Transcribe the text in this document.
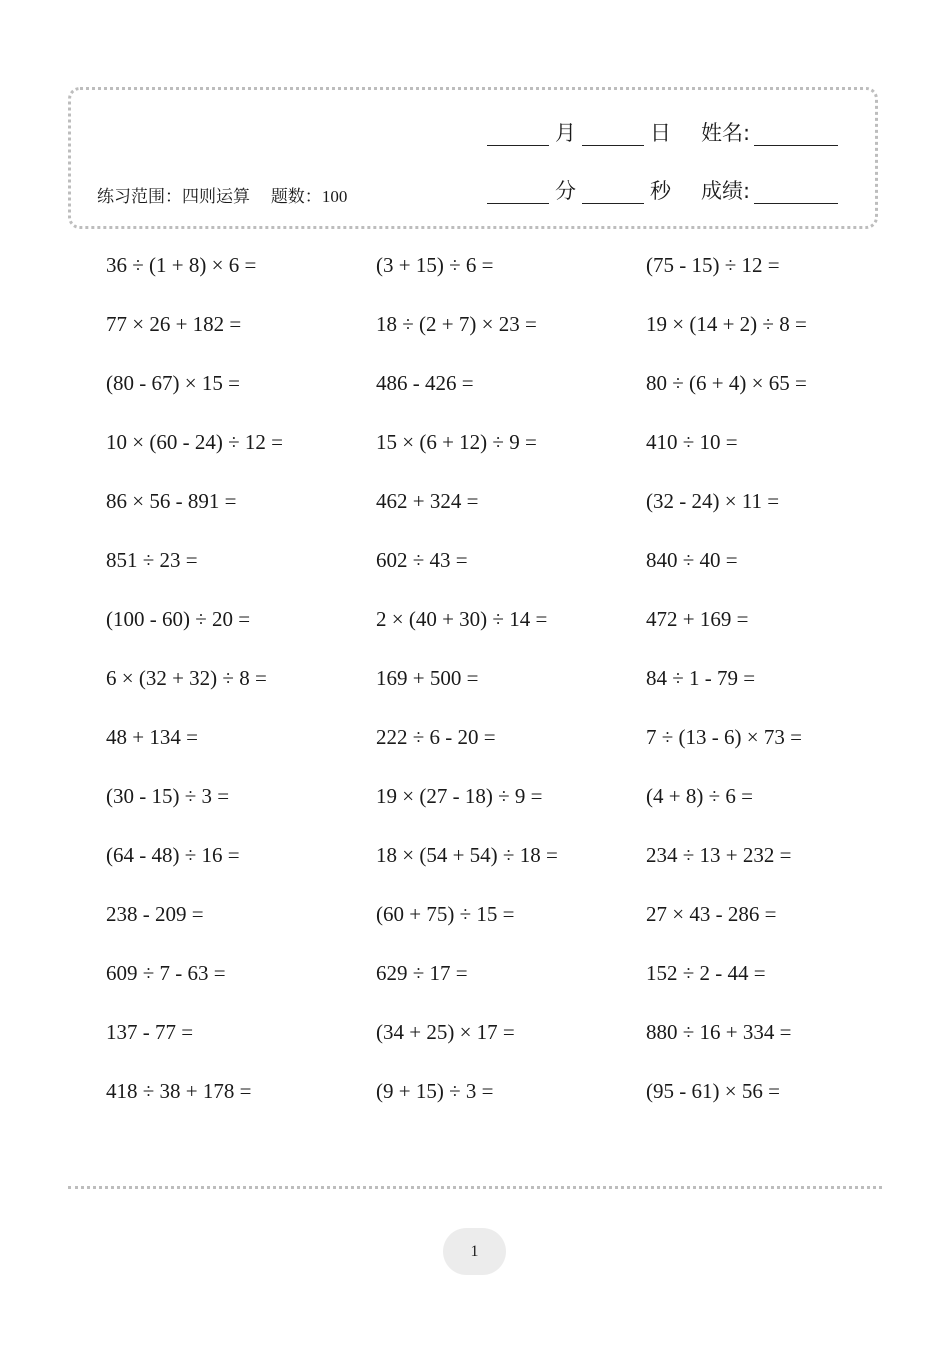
练习范围：四则运算 题数：100
月	日 姓名:
分	秒 成绩:
36 ÷ (1 + 8) × 6 =	(3 + 15) ÷ 6 =	(75 - 15) ÷ 12 =
77 × 26 + 182 =	18 ÷ (2 + 7) × 23 =	19 × (14 + 2) ÷ 8 =
(80 - 67) × 15 =	486 - 426 =	80 ÷ (6 + 4) × 65 =
10 × (60 - 24) ÷ 12 =	15 × (6 + 12) ÷ 9 =	410 ÷ 10 =
86 × 56 - 891 =	462 + 324 =	(32 - 24) × 11 =
851 ÷ 23 =	602 ÷ 43 =	840 ÷ 40 =
(100 - 60) ÷ 20 =	2 × (40 + 30) ÷ 14 =	472 + 169 =
6 × (32 + 32) ÷ 8 =	169 + 500 =	84 ÷ 1 - 79 =
48 + 134 =	222 ÷ 6 - 20 =	7 ÷ (13 - 6) × 73 =
(30 - 15) ÷ 3 =	19 × (27 - 18) ÷ 9 =	(4 + 8) ÷ 6 =
(64 - 48) ÷ 16 =	18 × (54 + 54) ÷ 18 =	234 ÷ 13 + 232 =
238 - 209 =	(60 + 75) ÷ 15 =	27 × 43 - 286 =
609 ÷ 7 - 63 =	629 ÷ 17 =	152 ÷ 2 - 44 =
137 - 77 =	(34 + 25) × 17 =	880 ÷ 16 + 334 =
418 ÷ 38 + 178 =	(9 + 15) ÷ 3 =	(95 - 61) × 56 =
1
